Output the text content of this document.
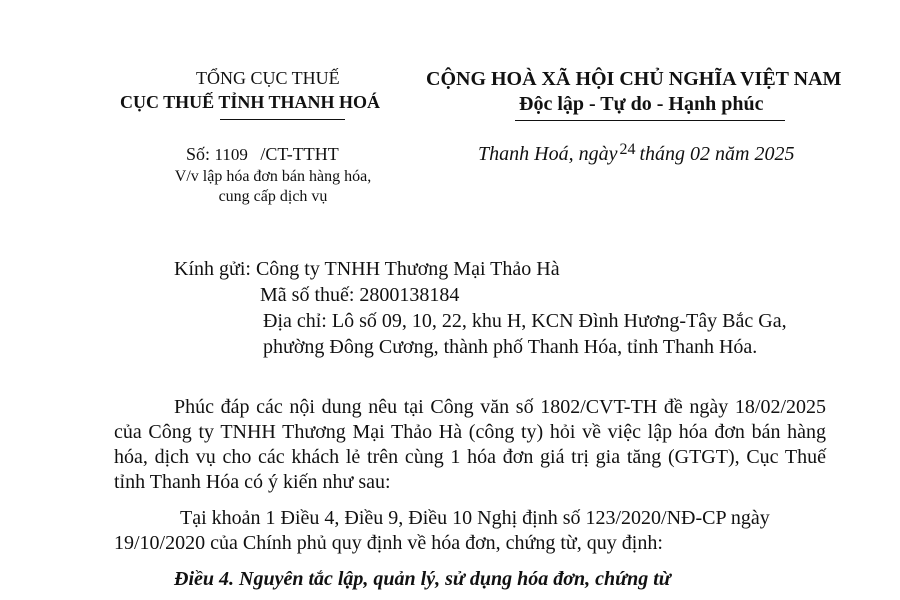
TỔNG CỤC THUẾ
CỤC THUẾ TỈNH THANH HOÁ
CỘNG HOÀ XÃ HỘI CHỦ NGHĨA VIỆT NAM
Độc lập - Tự do - Hạnh phúc
Số: 1109 /CT-TTHT
V/v lập hóa đơn bán hàng hóa,
cung cấp dịch vụ
Thanh Hoá, ngày $^{24}$ tháng 02 năm 2025
Kính gửi: Công ty TNHH Thương Mại Thảo Hà
Mã số thuế: 2800138184
Địa chỉ: Lô số 09, 10, 22, khu H, KCN Đình Hương-Tây Bắc Ga,
phường Đông Cương, thành phố Thanh Hóa, tỉnh Thanh Hóa.
Phúc đáp các nội dung nêu tại Công văn số 1802/CVT-TH đề ngày 18/02/2025 của Công ty TNHH Thương Mại Thảo Hà (công ty) hỏi về việc lập hóa đơn bán hàng hóa, dịch vụ cho các khách lẻ trên cùng 1 hóa đơn giá trị gia tăng (GTGT), Cục Thuế tỉnh Thanh Hóa có ý kiến như sau:
Tại khoản 1 Điều 4, Điều 9, Điều 10 Nghị định số 123/2020/NĐ-CP ngày 19/10/2020 của Chính phủ quy định về hóa đơn, chứng từ, quy định:
Điều 4. Nguyên tắc lập, quản lý, sử dụng hóa đơn, chứng từ
